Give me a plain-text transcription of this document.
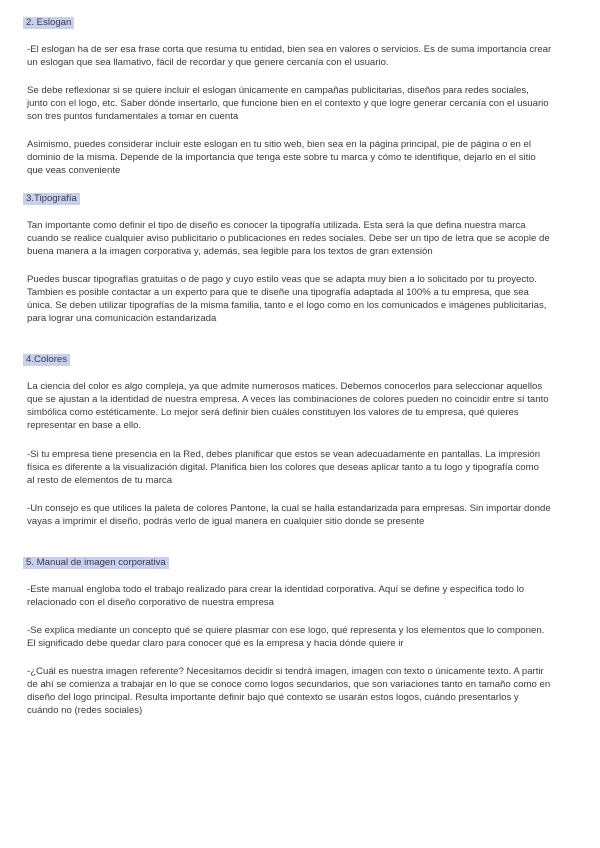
2. Eslogan

-El eslogan ha de ser esa frase corta que resuma tu entidad, bien sea en valores o servicios. Es de suma importancia crear
un eslogan que sea llamativo, fácil de recordar y que genere cercanía con el usuario.

Se debe reflexionar si se quiere incluir el eslogan únicamente en campañas publicitarias, diseños para redes sociales,
junto con el logo, etc. Saber dónde insertarlo, que funcione bien en el contexto y que logre generar cercanía con el usuario
son tres puntos fundamentales a tomar en cuenta

Asimismo, puedes considerar incluir este eslogan en tu sitio web, bien sea en la página principal, pie de página o en el
dominio de la misma. Depende de la importancia que tenga este sobre tu marca y cómo te identifique, dejarlo en el sitio
que veas conveniente

3.Tipografía

Tan importante como definir el tipo de diseño es conocer la tipografía utilizada. Esta será la que defina nuestra marca
cuando se realice cualquier aviso publicitario o publicaciones en redes sociales. Debe ser un tipo de letra que se acople de
buena manera a la imagen corporativa y, además, sea legible para los textos de gran extensión

Puedes buscar tipografías gratuitas o de pago y cuyo estilo veas que se adapta muy bien a lo solicitado por tu proyecto.
Tambien es posible contactar a un experto para que te diseñe una tipografía adaptada al 100% a tu empresa, que sea
única. Se deben utilizar tipografías de la misma familia, tanto e el logo como en los comunicados e imágenes publicitarias,
para lograr una comunicación estandarizada

4.Colores

La ciencia del color es algo compleja, ya que admite numerosos matices. Debemos conocerlos para seleccionar aquellos
que se ajustan a la identidad de nuestra empresa. A veces las combinaciones de colores pueden no coincidir entre sí tanto
simbólica como estéticamente. Lo mejor será definir bien cuáles constituyen los valores de tu empresa, qué quieres
representar en base a ello.

-Si tu empresa tiene presencia en la Red, debes planificar que estos se vean adecuadamente en pantallas. La impresión
física es diferente a la visualización digital. Planifica bien los colores que deseas aplicar tanto a tu logo y tipografía como
al resto de elementos de tu marca

-Un consejo es que utilices la paleta de colores Pantone, la cual se halla estandarizada para empresas. Sin importar donde
vayas a imprimir el diseño, podrás verlo de igual manera en cualquier sitio donde se presente

5. Manual de imagen corporativa

-Este manual engloba todo el trabajo realizado para crear la identidad corporativa. Aquí se define y especifica todo lo
relacionado con el diseño corporativo de nuestra empresa

-Se explica mediante un concepto qué se quiere plasmar con ese logo, qué representa y los elementos que lo componen.
El significado debe quedar claro para conocer qué es la empresa y hacia dónde quiere ir

-¿Cuál es nuestra imagen referente? Necesitamos decidir si tendrá imagen, imagen con texto o únicamente texto. A partir
de ahí se comienza a trabajar en lo que se conoce como logos secundarios, que son variaciones tanto en tamaño como en
diseño del logo principal. Resulta importante definir bajo qué contexto se usarán estos logos, cuándo presentarlos y
cuándo no (redes sociales)
